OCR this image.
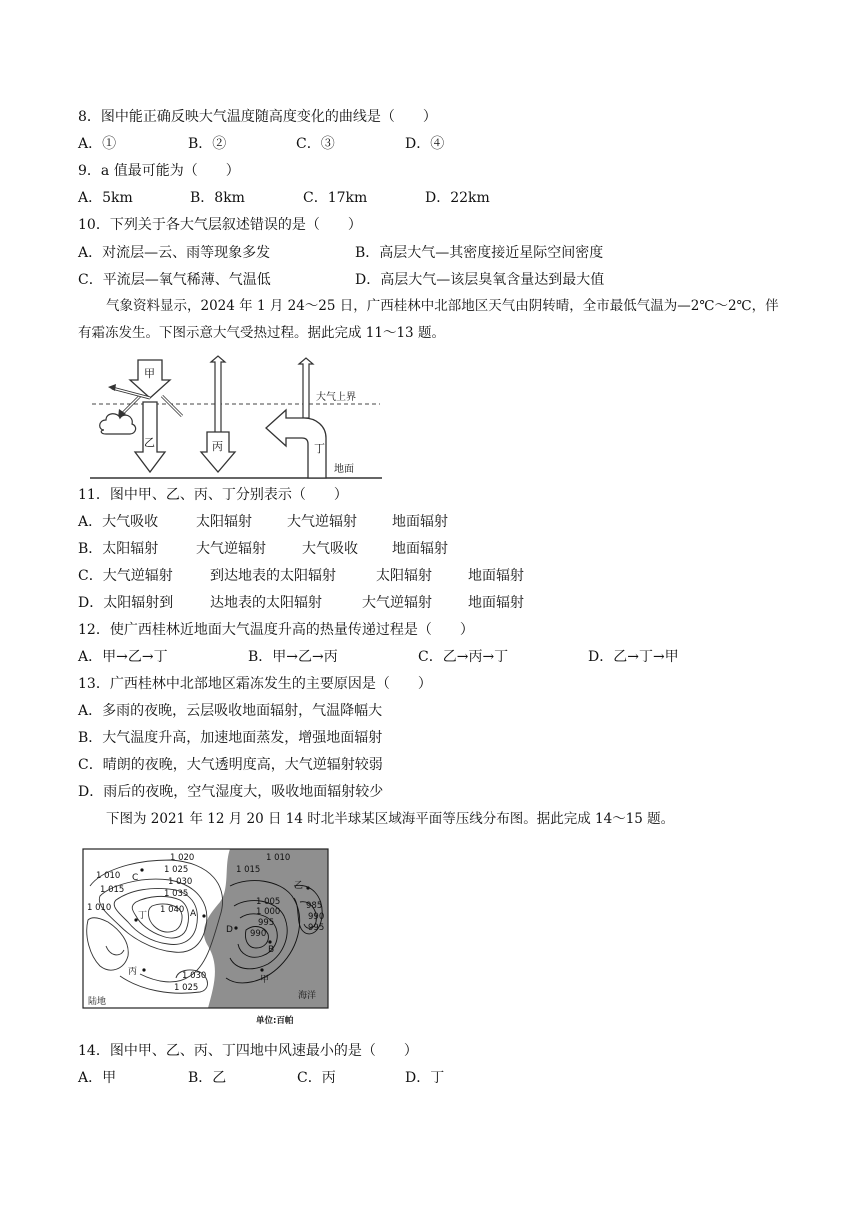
8．图中能正确反映大气温度随高度变化的曲线是（　　）
A．①	B．②	C．③	D．④
9．a 值最可能为（　　）
A．5km	B．8km	C．17km	D．22km
10．下列关于各大气层叙述错误的是（　　）
A．对流层—云、雨等现象多发	B．高层大气—其密度接近星际空间密度
C．平流层—氧气稀薄、气温低	D．高层大气—该层臭氧含量达到最大值
气象资料显示，2024 年 1 月 24～25 日，广西桂林中北部地区天气由阴转晴，全市最低气温为—2℃～2℃，伴有霜冻发生。下图示意大气受热过程。据此完成 11～13 题。
甲
乙	丙	丁
大气上界
地面
11．图中甲、乙、丙、丁分别表示（　　）
A．大气吸收	太阳辐射	大气逆辐射	地面辐射
B．太阳辐射	大气逆辐射	大气吸收 地面辐射
C．大气逆辐射	到达地表的太阳辐射	太阳辐射	地面辐射
D．太阳辐射到	达地表的太阳辐射	大气逆辐射	地面辐射
12．使广西桂林近地面大气温度升高的热量传递过程是（　　）
A．甲→乙→丁	B．甲→乙→丙	C．乙→丙→丁	D．乙→丁→甲
13．广西桂林中北部地区霜冻发生的主要原因是（　　）
A．多雨的夜晚，云层吸收地面辐射，气温降幅大
B．大气温度升高，加速地面蒸发，增强地面辐射
C．晴朗的夜晚，大气透明度高，大气逆辐射较弱
D．雨后的夜晚，空气湿度大，吸收地面辐射较少
下图为 2021 年 12 月 20 日 14 时北半球某区域海平面等压线分布图。据此完成 14～15 题。
1 010
1 015
1 020
1 025
1 030
1 035
1 040
1 010
1 015
1 010
1 005
1 000
995
990
985
990
995
1 030
1 025
C
A
D
B
乙
丁
丙
甲
陆地
海洋
单位:百帕
14．图中甲、乙、丙、丁四地中风速最小的是（　　）
A．甲	B．乙	C．丙	D．丁
